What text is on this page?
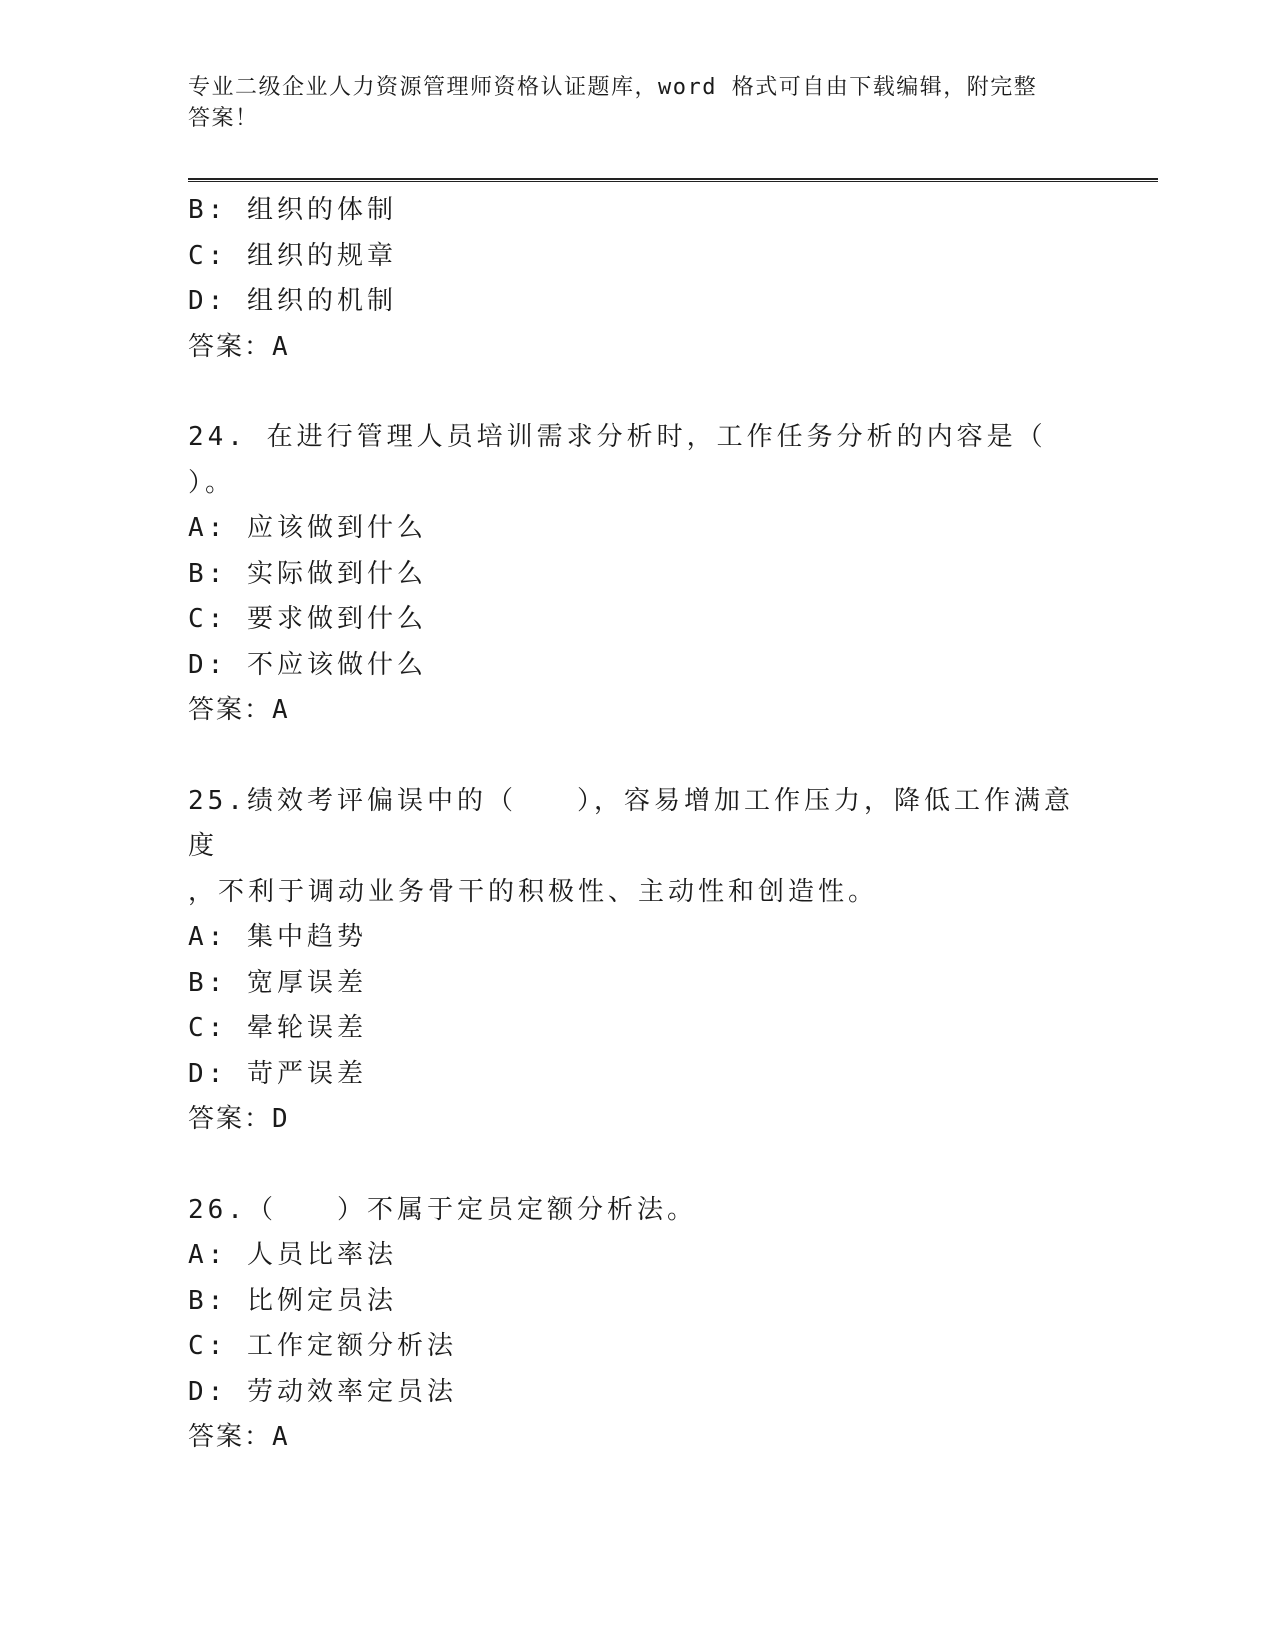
专业二级企业人力资源管理师资格认证题库，word 格式可自由下载编辑，附完整
答案！
B: 组织的体制
C: 组织的规章
D: 组织的机制
答案：A
24. 在进行管理人员培训需求分析时，工作任务分析的内容是（
）。
A: 应该做到什么
B: 实际做到什么
C: 要求做到什么
D: 不应该做什么
答案：A
25.绩效考评偏误中的（　　），容易增加工作压力，降低工作满意度
，不利于调动业务骨干的积极性、主动性和创造性。
A: 集中趋势
B: 宽厚误差
C: 晕轮误差
D: 苛严误差
答案：D
26.（　　）不属于定员定额分析法。
A: 人员比率法
B: 比例定员法
C: 工作定额分析法
D: 劳动效率定员法
答案：A
